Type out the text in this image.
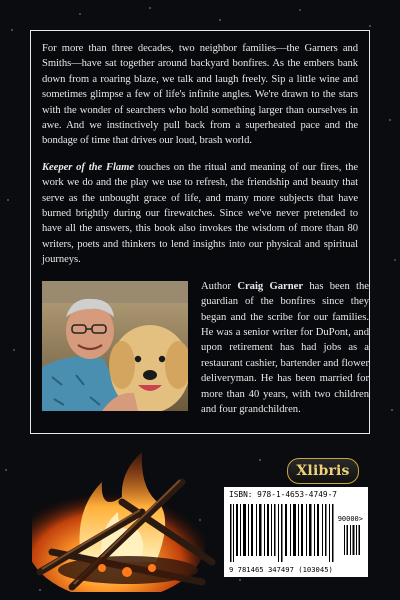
For more than three decades, two neighbor families—the Garners and Smiths—have sat together around backyard bonfires. As the embers bank down from a roaring blaze, we talk and laugh freely. Sip a little wine and sometimes glimpse a few of life's infinite angles. We're drawn to the stars with the wonder of searchers who hold something larger than ourselves in awe. And we instinctively pull back from a superheated pace and the bondage of time that drives our loud, brash world.

Keeper of the Flame touches on the ritual and meaning of our fires, the work we do and the play we use to refresh, the friendship and beauty that serve as the unbought grace of life, and many more subjects that have burned brightly during our firewatches. Since we've never pretended to have all the answers, this book also invokes the wisdom of more than 80 writers, poets and thinkers to lend insights into our physical and spiritual journeys.

Author Craig Garner has been the guardian of the bonfires since they began and the scribe for our families. He was a senior writer for DuPont, and upon retirement has had jobs as a restaurant cashier, bartender and flower deliveryman. He has been married for more than 40 years, with two children and four grandchildren.

Xlibris
ISBN: 978-1-4653-4749-7
90000>
9 781465 347497 (103045)
